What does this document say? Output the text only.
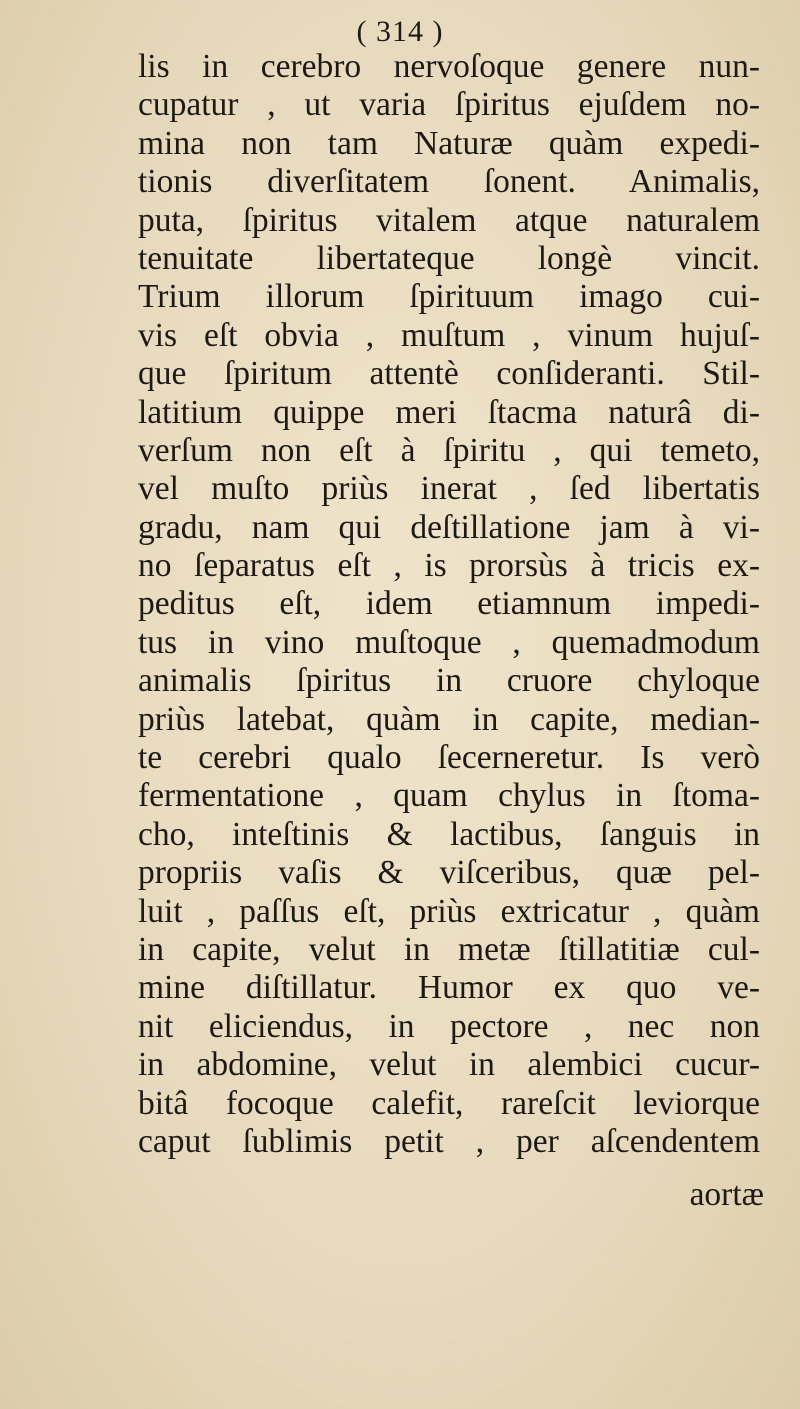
( 314 )
lis in cerebro nervoſoque genere nun-
cupatur , ut varia ſpiritus ejuſdem no-
mina non tam Naturæ quàm expedi-
tionis diverſitatem ſonent. Animalis,
puta, ſpiritus vitalem atque naturalem
tenuitate libertateque longè vincit.
Trium illorum ſpirituum imago cui-
vis eſt obvia , muſtum , vinum hujuſ-
que ſpiritum attentè conſideranti. Stil-
latitium quippe meri ſtacma naturâ di-
verſum non eſt à ſpiritu , qui temeto,
vel muſto priùs inerat , ſed libertatis
gradu, nam qui deſtillatione jam à vi-
no ſeparatus eſt , is prorsùs à tricis ex-
peditus eſt, idem etiamnum impedi-
tus in vino muſtoque , quemadmodum
animalis ſpiritus in cruore chyloque
priùs latebat, quàm in capite, median-
te cerebri qualo ſecerneretur. Is verò
fermentatione , quam chylus in ſtoma-
cho, inteſtinis & lactibus, ſanguis in
propriis vaſis & viſceribus, quæ pel-
luit , paſſus eſt, priùs extricatur , quàm
in capite, velut in metæ ſtillatitiæ cul-
mine diſtillatur. Humor ex quo ve-
nit eliciendus, in pectore , nec non
in abdomine, velut in alembici cucur-
bitâ focoque calefit, rareſcit leviorque
caput ſublimis petit , per aſcendentem
aortæ
